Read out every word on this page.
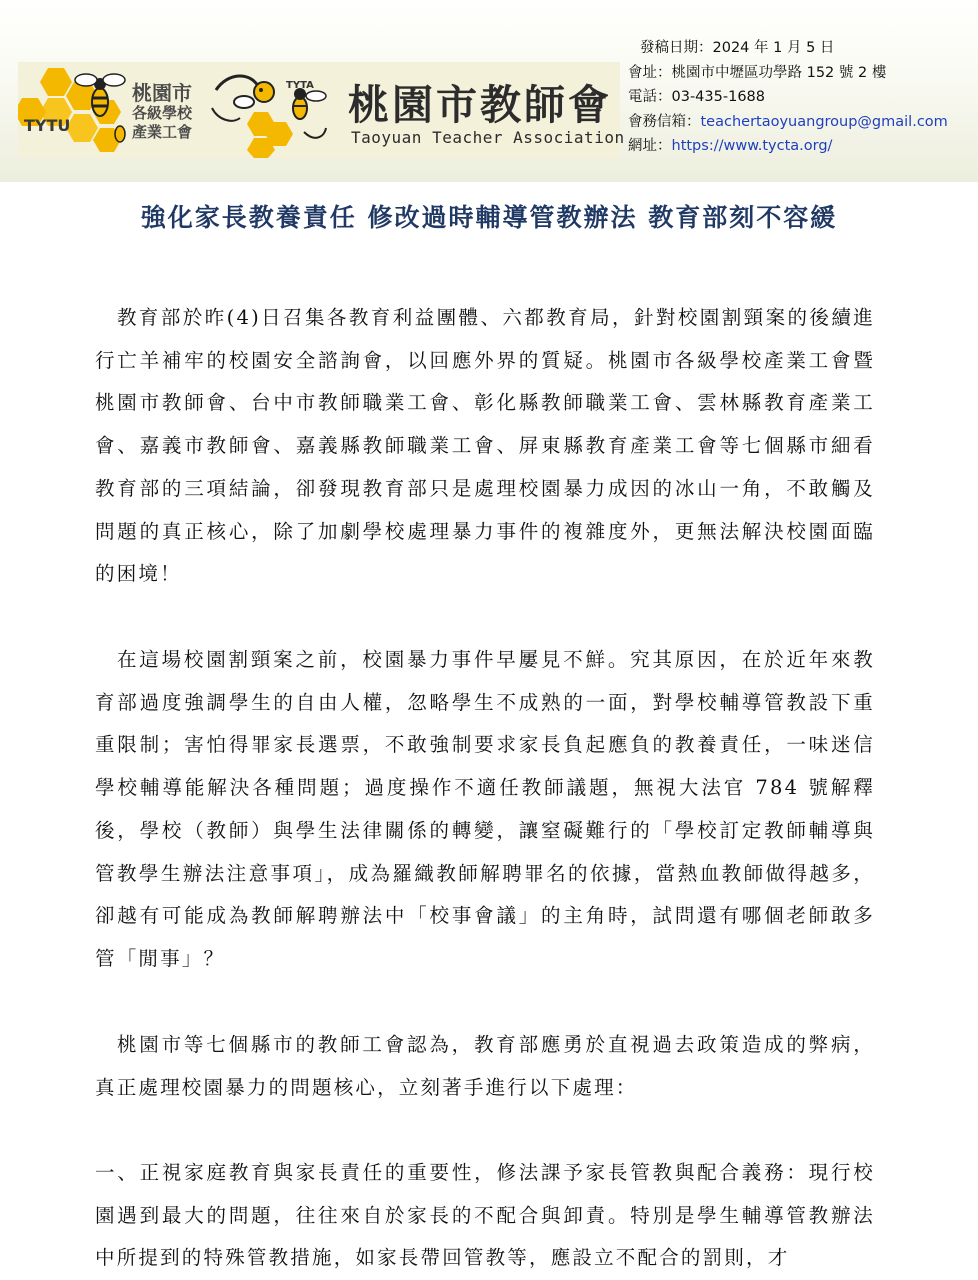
TYTU
桃園市
各級學校
產業工會
TYTA 桃園市教師會
Taoyuan Teacher Association
發稿日期：2024 年 1 月 5 日
會址：桃園市中壢區功學路 152 號 2 樓
電話：03-435-1688
會務信箱：teachertaoyuangroup@gmail.com
網址：https://www.tycta.org/
強化家長教養責任 修改過時輔導管教辦法 教育部刻不容緩
教育部於昨(4)日召集各教育利益團體、六都教育局，針對校園割頸案的後續進行亡羊補牢的校園安全諮詢會，以回應外界的質疑。桃園市各級學校產業工會暨桃園市教師會、台中市教師職業工會、彰化縣教師職業工會、雲林縣教育產業工會、嘉義市教師會、嘉義縣教師職業工會、屏東縣教育產業工會等七個縣市細看教育部的三項結論，卻發現教育部只是處理校園暴力成因的冰山一角，不敢觸及問題的真正核心，除了加劇學校處理暴力事件的複雜度外，更無法解決校園面臨的困境！
在這場校園割頸案之前，校園暴力事件早屢見不鮮。究其原因，在於近年來教育部過度強調學生的自由人權，忽略學生不成熟的一面，對學校輔導管教設下重重限制；害怕得罪家長選票，不敢強制要求家長負起應負的教養責任，一味迷信學校輔導能解決各種問題；過度操作不適任教師議題，無視大法官 784 號解釋後，學校（教師）與學生法律關係的轉變，讓窒礙難行的「學校訂定教師輔導與管教學生辦法注意事項」，成為羅織教師解聘罪名的依據，當熱血教師做得越多，卻越有可能成為教師解聘辦法中「校事會議」的主角時，試問還有哪個老師敢多管「閒事」？
桃園市等七個縣市的教師工會認為，教育部應勇於直視過去政策造成的弊病，真正處理校園暴力的問題核心，立刻著手進行以下處理：
一、正視家庭教育與家長責任的重要性，修法課予家長管教與配合義務：現行校園遇到最大的問題，往往來自於家長的不配合與卸責。特別是學生輔導管教辦法中所提到的特殊管教措施，如家長帶回管教等，應設立不配合的罰則，才
